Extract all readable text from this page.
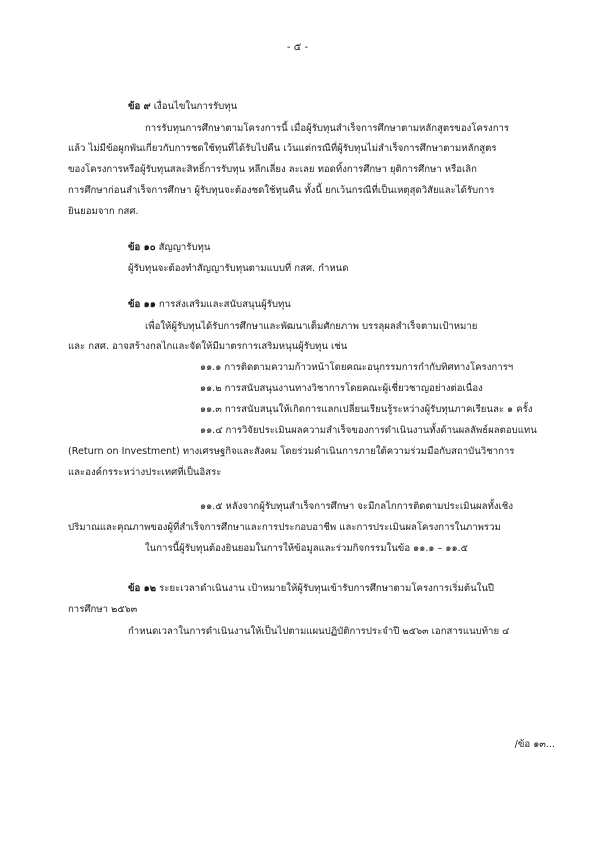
- ๕ -
ข้อ ๙ เงื่อนไขในการรับทุน
การรับทุนการศึกษาตามโครงการนี้ เมื่อผู้รับทุนสำเร็จการศึกษาตามหลักสูตรของโครงการ
แล้ว ไม่มีข้อผูกพันเกี่ยวกับการชดใช้ทุนที่ได้รับไปคืน เว้นแต่กรณีที่ผู้รับทุนไม่สำเร็จการศึกษาตามหลักสูตร
ของโครงการหรือผู้รับทุนสละสิทธิ์การรับทุน หลีกเลี่ยง ละเลย ทอดทิ้งการศึกษา ยุติการศึกษา หรือเลิก
การศึกษาก่อนสำเร็จการศึกษา ผู้รับทุนจะต้องชดใช้ทุนคืน ทั้งนี้ ยกเว้นกรณีที่เป็นเหตุสุดวิสัยและได้รับการ
ยินยอมจาก กสศ.
ข้อ ๑๐ สัญญารับทุน
ผู้รับทุนจะต้องทำสัญญารับทุนตามแบบที่ กสศ. กำหนด
ข้อ ๑๑ การส่งเสริมและสนับสนุนผู้รับทุน
เพื่อให้ผู้รับทุนได้รับการศึกษาและพัฒนาเต็มศักยภาพ บรรลุผลสำเร็จตามเป้าหมาย
และ กสศ. อาจสร้างกลไกและจัดให้มีมาตรการเสริมหนุนผู้รับทุน เช่น
๑๑.๑ การติดตามความก้าวหน้าโดยคณะอนุกรรมการกำกับทิศทางโครงการฯ
๑๑.๒ การสนับสนุนงานทางวิชาการโดยคณะผู้เชี่ยวชาญอย่างต่อเนื่อง
๑๑.๓ การสนับสนุนให้เกิดการแลกเปลี่ยนเรียนรู้ระหว่างผู้รับทุนภาคเรียนละ ๑ ครั้ง
๑๑.๔ การวิจัยประเมินผลความสำเร็จของการดำเนินงานทั้งด้านผลลัพธ์ผลตอบแทน
(Return on Investment) ทางเศรษฐกิจและสังคม โดยร่วมดำเนินการภายใต้ความร่วมมือกับสถาบันวิชาการ
และองค์กรระหว่างประเทศที่เป็นอิสระ
๑๑.๕ หลังจากผู้รับทุนสำเร็จการศึกษา จะมีกลไกการติดตามประเมินผลทั้งเชิง
ปริมาณและคุณภาพของผู้ที่สำเร็จการศึกษาและการประกอบอาชีพ และการประเมินผลโครงการในภาพรวม
ในการนี้ผู้รับทุนต้องยินยอมในการให้ข้อมูลและร่วมกิจกรรมในข้อ ๑๑.๑ – ๑๑.๕
ข้อ ๑๒ ระยะเวลาดำเนินงาน เป้าหมายให้ผู้รับทุนเข้ารับการศึกษาตามโครงการเริ่มต้นในปี
การศึกษา ๒๕๖๓
กำหนดเวลาในการดำเนินงานให้เป็นไปตามแผนปฏิบัติการประจำปี ๒๕๖๓ เอกสารแนบท้าย ๔
/ข้อ ๑๓...
